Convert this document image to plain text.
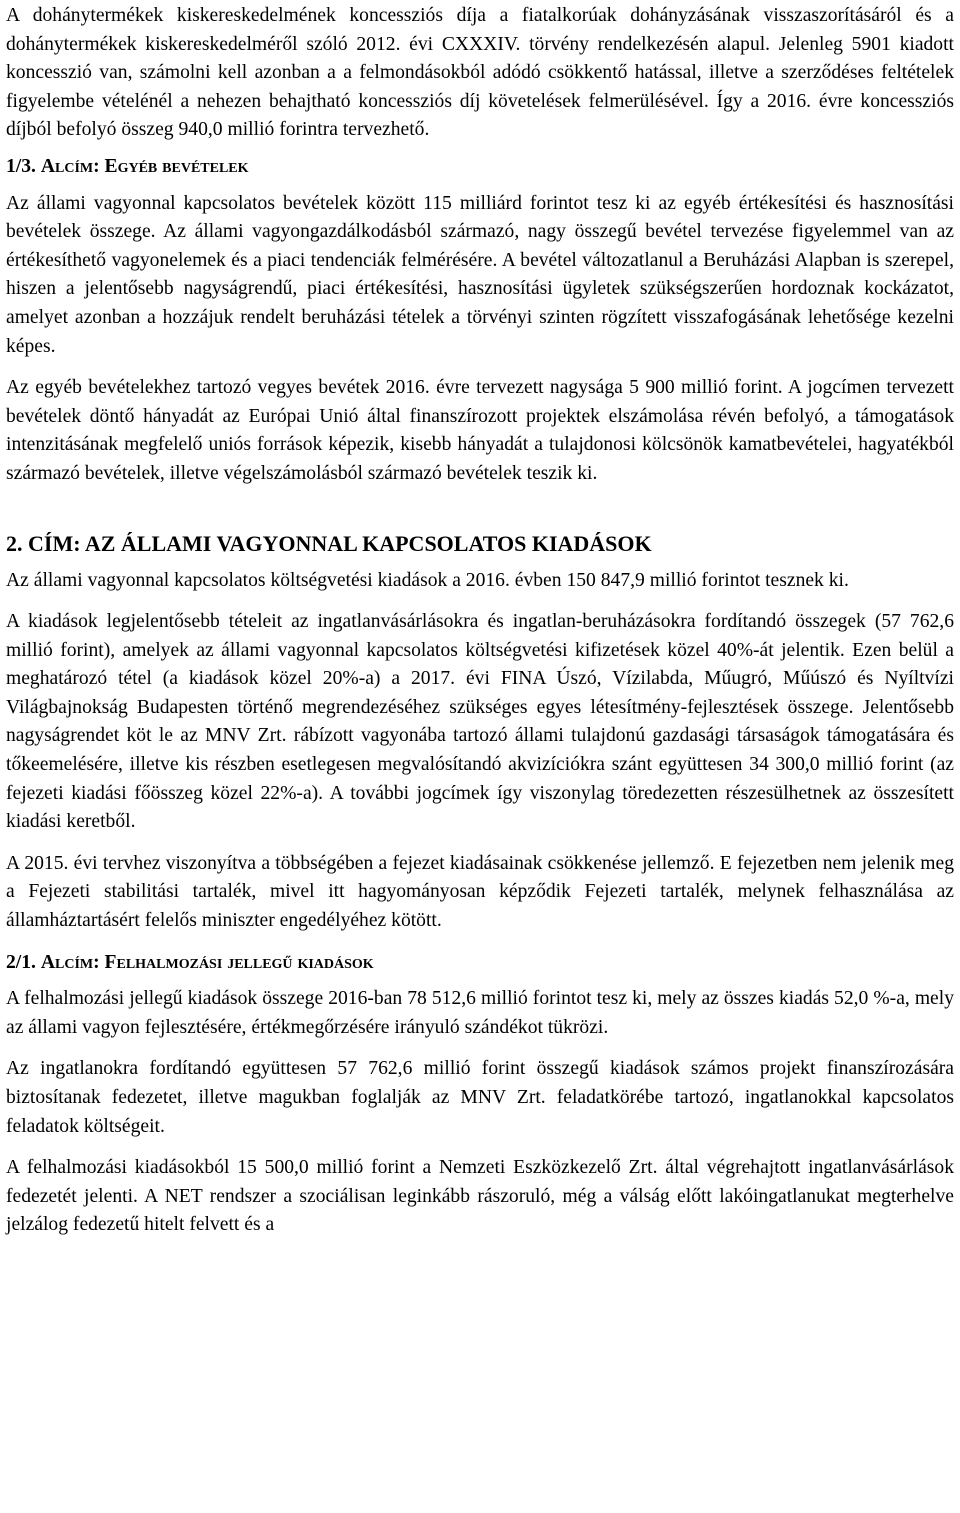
A dohánytermékek kiskereskedelmének koncessziós díja a fiatalkorúak dohányzásának visszaszorításáról és a dohánytermékek kiskereskedelméről szóló 2012. évi CXXXIV. törvény rendelkezésén alapul. Jelenleg 5901 kiadott koncesszió van, számolni kell azonban a a felmondásokból adódó csökkentő hatással, illetve a szerződéses feltételek figyelembe vételénél a nehezen behajtható koncessziós díj követelések felmerülésével. Így a 2016. évre koncessziós díjból befolyó összeg 940,0 millió forintra tervezhető.

1/3. Alcím: Egyéb bevételek

Az állami vagyonnal kapcsolatos bevételek között 115 milliárd forintot tesz ki az egyéb értékesítési és hasznosítási bevételek összege. Az állami vagyongazdálkodásból származó, nagy összegű bevétel tervezése figyelemmel van az értékesíthető vagyonelemek és a piaci tendenciák felmérésére. A bevétel változatlanul a Beruházási Alapban is szerepel, hiszen a jelentősebb nagyságrendű, piaci értékesítési, hasznosítási ügyletek szükségszerűen hordoznak kockázatot, amelyet azonban a hozzájuk rendelt beruházási tételek a törvényi szinten rögzített visszafogásának lehetősége kezelni képes.

Az egyéb bevételekhez tartozó vegyes bevétek 2016. évre tervezett nagysága 5 900 millió forint. A jogcímen tervezett bevételek döntő hányadát az Európai Unió által finanszírozott projektek elszámolása révén befolyó, a támogatások intenzitásának megfelelő uniós források képezik, kisebb hányadát a tulajdonosi kölcsönök kamatbevételei, hagyatékból származó bevételek, illetve végelszámolásból származó bevételek teszik ki.

2. CÍM: AZ ÁLLAMI VAGYONNAL KAPCSOLATOS KIADÁSOK

Az állami vagyonnal kapcsolatos költségvetési kiadások a 2016. évben 150 847,9 millió forintot tesznek ki.

A kiadások legjelentősebb tételeit az ingatlanvásárlásokra és ingatlan-beruházásokra fordítandó összegek (57 762,6 millió forint), amelyek az állami vagyonnal kapcsolatos költségvetési kifizetések közel 40%-át jelentik. Ezen belül a meghatározó tétel (a kiadások közel 20%-a) a 2017. évi FINA Úszó, Vízilabda, Műugró, Műúszó és Nyíltvízi Világbajnokság Budapesten történő megrendezéséhez szükséges egyes létesítmény-fejlesztések összege. Jelentősebb nagyságrendet köt le az MNV Zrt. rábízott vagyonába tartozó állami tulajdonú gazdasági társaságok támogatására és tőkeemelésére, illetve kis részben esetlegesen megvalósítandó akvizíciókra szánt együttesen 34 300,0 millió forint (az fejezeti kiadási főösszeg közel 22%-a). A további jogcímek így viszonylag töredezetten részesülhetnek az összesített kiadási keretből.

A 2015. évi tervhez viszonyítva a többségében a fejezet kiadásainak csökkenése jellemző. E fejezetben nem jelenik meg a Fejezeti stabilitási tartalék, mivel itt hagyományosan képződik Fejezeti tartalék, melynek felhasználása az államháztartásért felelős miniszter engedélyéhez kötött.

2/1. Alcím: Felhalmozási jellegű kiadások

A felhalmozási jellegű kiadások összege 2016-ban 78 512,6 millió forintot tesz ki, mely az összes kiadás 52,0 %-a, mely az állami vagyon fejlesztésére, értékmegőrzésére irányuló szándékot tükrözi.

Az ingatlanokra fordítandó együttesen 57 762,6 millió forint összegű kiadások számos projekt finanszírozására biztosítanak fedezetet, illetve magukban foglalják az MNV Zrt. feladatkörébe tartozó, ingatlanokkal kapcsolatos feladatok költségeit.

A felhalmozási kiadásokból 15 500,0 millió forint a Nemzeti Eszközkezelő Zrt. által végrehajtott ingatlanvásárlások fedezetét jelenti. A NET rendszer a szociálisan leginkább rászoruló, még a válság előtt lakóingatlanukat megterhelve jelzálog fedezetű hitelt felvett és a
